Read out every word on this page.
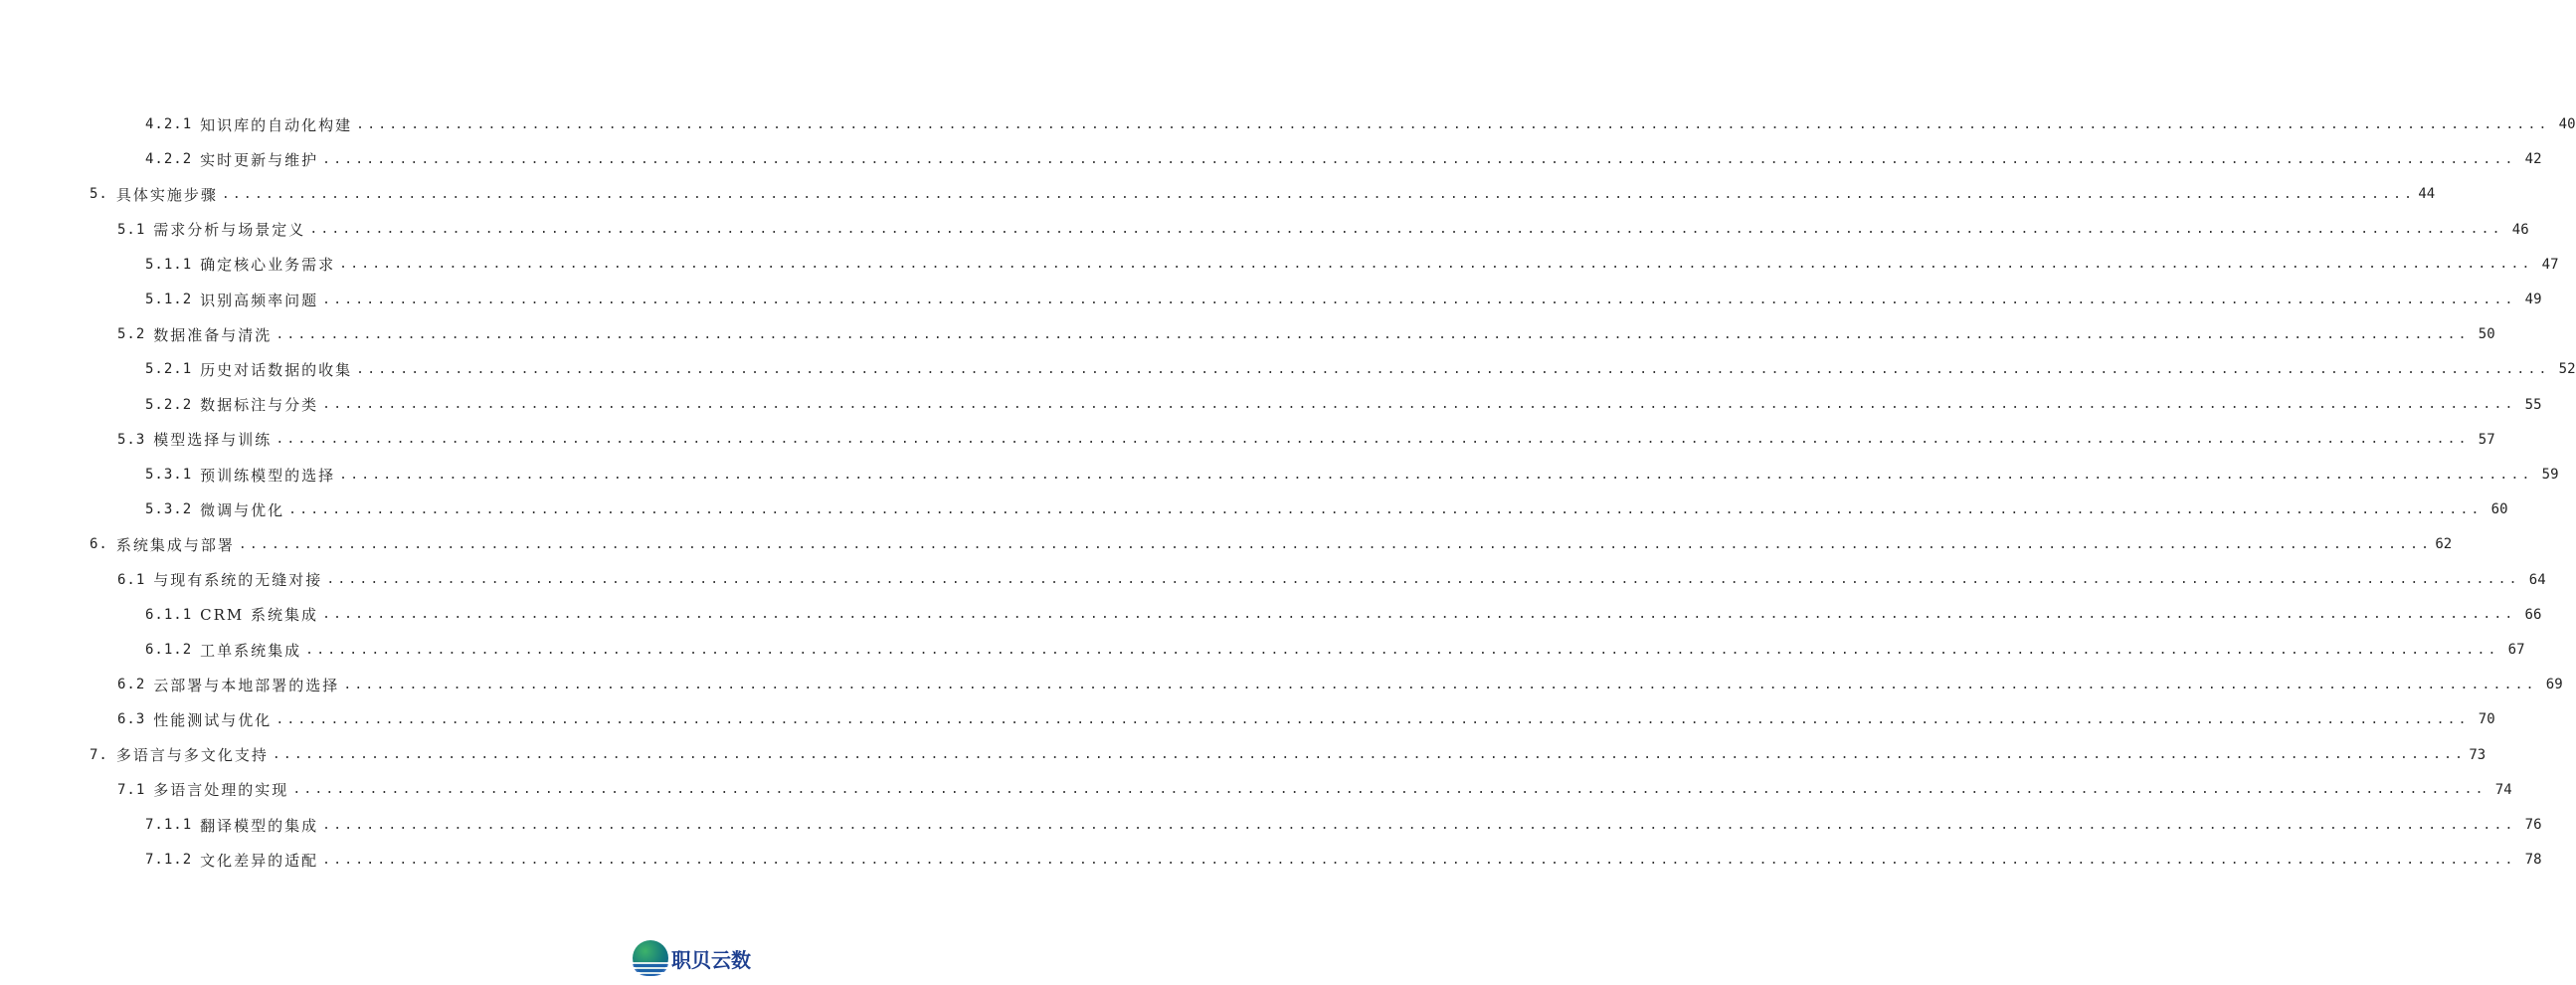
4.2.1 知识库的自动化构建 ........................................................................................................................................................................................................ 40
4.2.2 实时更新与维护 ........................................................................................................................................................................................................ 42
5. 具体实施步骤 ........................................................................................................................................................................................................ 44
5.1 需求分析与场景定义 ........................................................................................................................................................................................................ 46
5.1.1 确定核心业务需求 ........................................................................................................................................................................................................ 47
5.1.2 识别高频率问题 ........................................................................................................................................................................................................ 49
5.2 数据准备与清洗 ........................................................................................................................................................................................................ 50
5.2.1 历史对话数据的收集 ........................................................................................................................................................................................................ 52
5.2.2 数据标注与分类 ........................................................................................................................................................................................................ 55
5.3 模型选择与训练 ........................................................................................................................................................................................................ 57
5.3.1 预训练模型的选择 ........................................................................................................................................................................................................ 59
5.3.2 微调与优化 ........................................................................................................................................................................................................ 60
6. 系统集成与部署 ........................................................................................................................................................................................................ 62
6.1 与现有系统的无缝对接 ........................................................................................................................................................................................................ 64
6.1.1 CRM 系统集成 ........................................................................................................................................................................................................ 66
6.1.2 工单系统集成 ........................................................................................................................................................................................................ 67
6.2 云部署与本地部署的选择 ........................................................................................................................................................................................................ 69
6.3 性能测试与优化 ........................................................................................................................................................................................................ 70
7. 多语言与多文化支持 ........................................................................................................................................................................................................ 73
7.1 多语言处理的实现 ........................................................................................................................................................................................................ 74
7.1.1 翻译模型的集成 ........................................................................................................................................................................................................ 76
7.1.2 文化差异的适配 ........................................................................................................................................................................................................ 78
职贝云数
